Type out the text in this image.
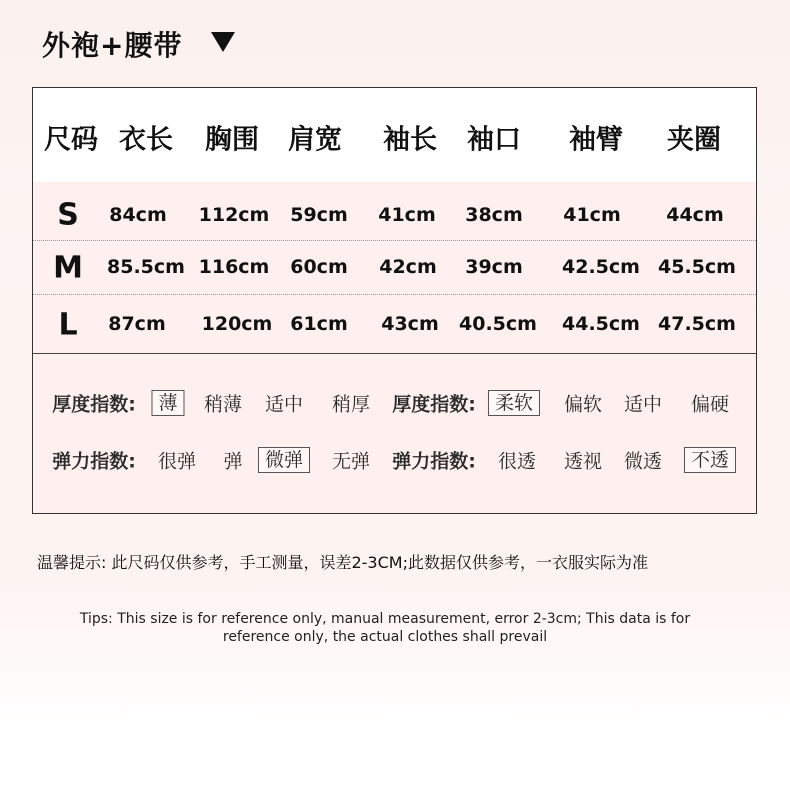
外袍+腰带
尺码 衣长 胸围 肩宽 袖长 袖口 袖臂 夹圈
S 84cm 112cm 59cm 41cm 38cm 41cm 44cm
M 85.5cm 116cm 60cm 42cm 39cm 42.5cm 45.5cm
L 87cm 120cm 61cm 43cm 40.5cm 44.5cm 47.5cm
厚度指数:	薄	稍薄 适中 稍厚 厚度指数:	柔软	偏软 适中 偏硬
弹力指数: 很弹 弹	微弹	无弹 弹力指数: 很透 透视 微透	不透
温馨提示: 此尺码仅供参考，手工测量，误差2-3CM;此数据仅供参考，一衣服实际为准
Tips: This size is for reference only, manual measurement, error 2-3cm; This data is for reference only, the actual clothes shall prevail
